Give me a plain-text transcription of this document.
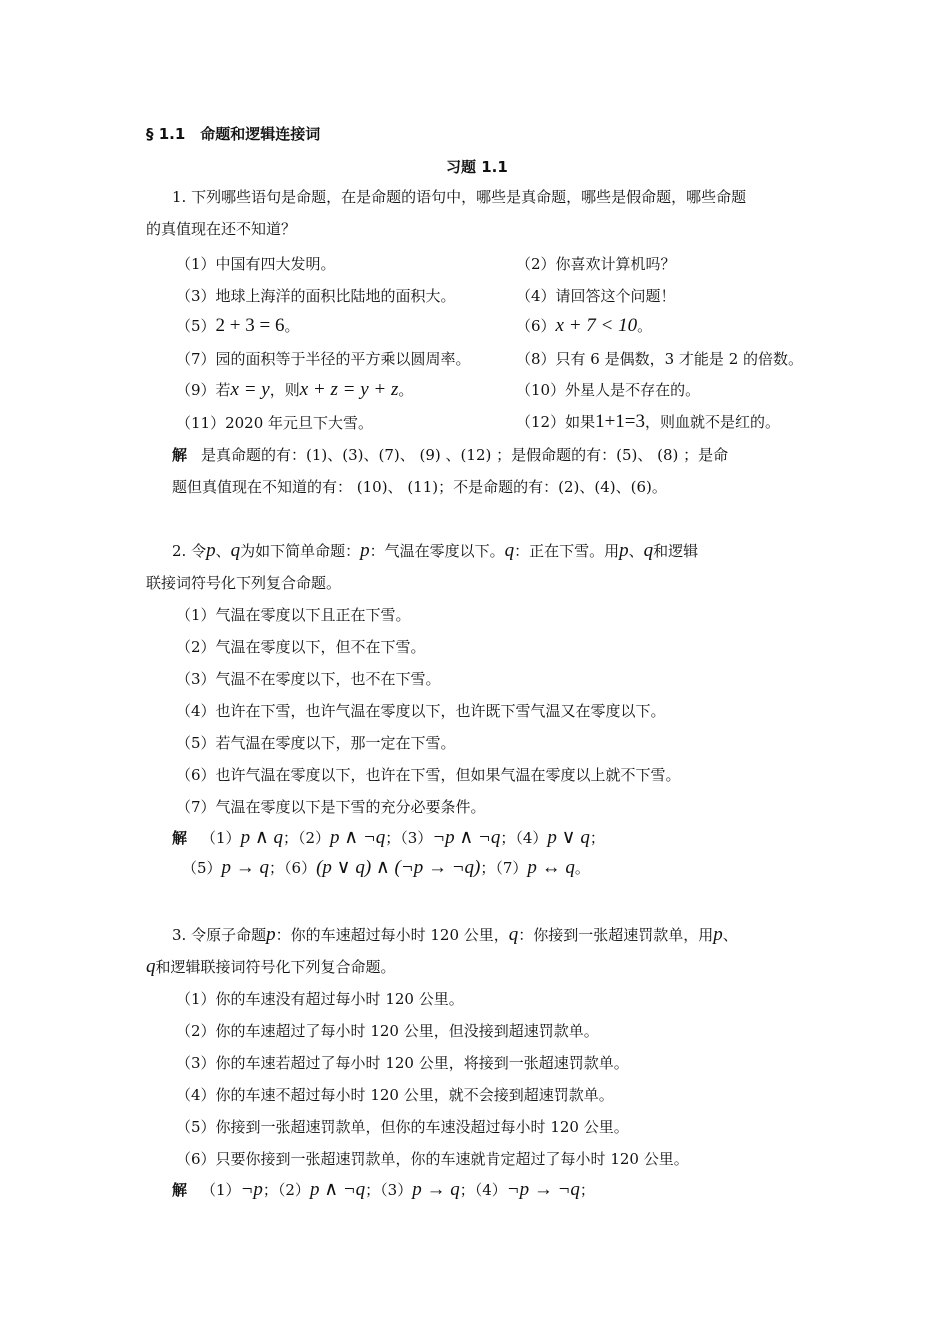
§ 1.1　命题和逻辑连接词
习题 1.1
1. 下列哪些语句是命题，在是命题的语句中，哪些是真命题，哪些是假命题，哪些命题
的真值现在还不知道？
（1）中国有四大发明。	（2）你喜欢计算机吗？
（3）地球上海洋的面积比陆地的面积大。	（4）请回答这个问题！
（5）2 + 3 = 6。	（6）x + 7 < 10。
（7）园的面积等于半径的平方乘以圆周率。	（8）只有 6 是偶数，3 才能是 2 的倍数。
（9）若x = y，则x + z = y + z。	（10）外星人是不存在的。
（11）2020 年元旦下大雪。	（12）如果1+1=3，则血就不是红的。
解 是真命题的有：(1)、(3)、(7)、 (9) 、(12) ；是假命题的有：(5)、 (8) ；是命
题但真值现在不知道的有： (10)、 (11)；不是命题的有：(2)、(4)、(6)。
2. 令p、q为如下简单命题：p：气温在零度以下。q：正在下雪。用p、q和逻辑
联接词符号化下列复合命题。
（1）气温在零度以下且正在下雪。
（2）气温在零度以下，但不在下雪。
（3）气温不在零度以下，也不在下雪。
（4）也许在下雪，也许气温在零度以下，也许既下雪气温又在零度以下。
（5）若气温在零度以下，那一定在下雪。
（6）也许气温在零度以下，也许在下雪，但如果气温在零度以上就不下雪。
（7）气温在零度以下是下雪的充分必要条件。
解 （1）p ∧ q；（2）p ∧ ¬q；（3）¬p ∧ ¬q；（4）p ∨ q；
（5）p → q；（6）(p ∨ q) ∧ (¬p → ¬q)；（7）p ↔ q。
3. 令原子命题p：你的车速超过每小时 120 公里，q：你接到一张超速罚款单，用p、
q和逻辑联接词符号化下列复合命题。
（1）你的车速没有超过每小时 120 公里。
（2）你的车速超过了每小时 120 公里，但没接到超速罚款单。
（3）你的车速若超过了每小时 120 公里，将接到一张超速罚款单。
（4）你的车速不超过每小时 120 公里，就不会接到超速罚款单。
（5）你接到一张超速罚款单，但你的车速没超过每小时 120 公里。
（6）只要你接到一张超速罚款单，你的车速就肯定超过了每小时 120 公里。
解 （1）¬p；（2）p ∧ ¬q；（3）p → q；（4）¬p → ¬q；
